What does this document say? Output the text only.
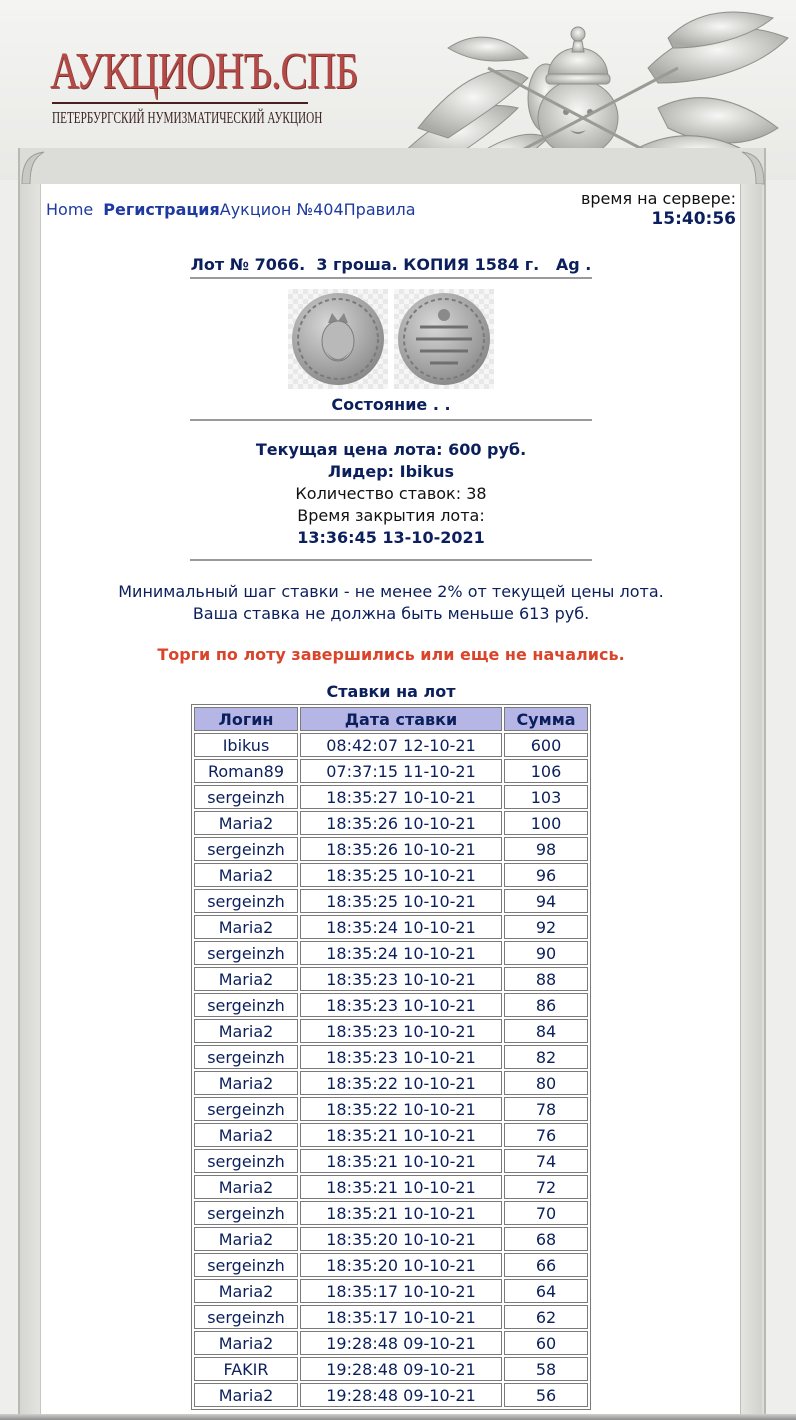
АУКЦИОНЪ.СПБ
ПЕТЕРБУРГСКИЙ НУМИЗМАТИЧЕСКИЙ АУКЦИОН
Home РегистрацияАукцион №404Правила
время на сервере:
15:40:56
Лот № 7066.  3 гроша. КОПИЯ 1584 г.   Ag .
Состояние . .
Текущая цена лота: 600 руб.
Лидер: Ibikus
Количество ставок: 38
Время закрытия лота:
13:36:45 13-10-2021
Минимальный шаг ставки - не менее 2% от текущей цены лота.
Ваша ставка не должна быть меньше 613 руб.
Торги по лоту завершились или еще не начались.
Ставки на лот
Логин	Дата ставки	Сумма
Ibikus	08:42:07 12-10-21	600
Roman89	07:37:15 11-10-21	106
sergeinzh	18:35:27 10-10-21	103
Maria2	18:35:26 10-10-21	100
sergeinzh	18:35:26 10-10-21	98
Maria2	18:35:25 10-10-21	96
sergeinzh	18:35:25 10-10-21	94
Maria2	18:35:24 10-10-21	92
sergeinzh	18:35:24 10-10-21	90
Maria2	18:35:23 10-10-21	88
sergeinzh	18:35:23 10-10-21	86
Maria2	18:35:23 10-10-21	84
sergeinzh	18:35:23 10-10-21	82
Maria2	18:35:22 10-10-21	80
sergeinzh	18:35:22 10-10-21	78
Maria2	18:35:21 10-10-21	76
sergeinzh	18:35:21 10-10-21	74
Maria2	18:35:21 10-10-21	72
sergeinzh	18:35:21 10-10-21	70
Maria2	18:35:20 10-10-21	68
sergeinzh	18:35:20 10-10-21	66
Maria2	18:35:17 10-10-21	64
sergeinzh	18:35:17 10-10-21	62
Maria2	19:28:48 09-10-21	60
FAKIR	19:28:48 09-10-21	58
Maria2	19:28:48 09-10-21	56
